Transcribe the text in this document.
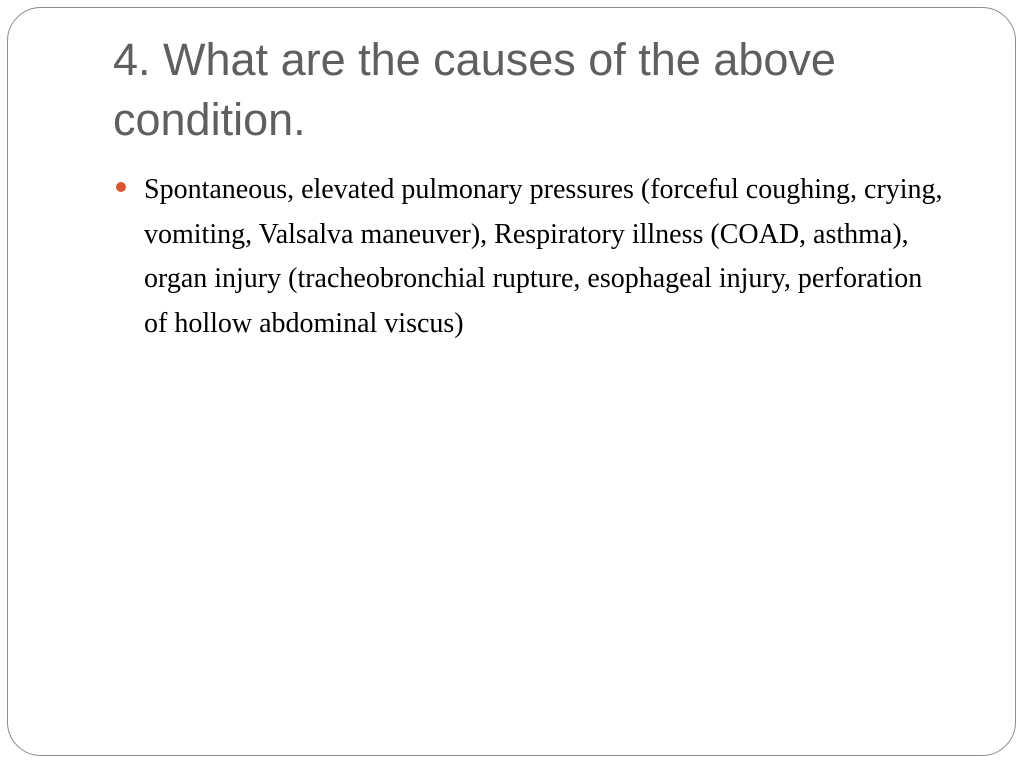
4. What are the causes of the above condition.
Spontaneous, elevated pulmonary pressures (forceful coughing, crying, vomiting, Valsalva maneuver), Respiratory illness (COAD, asthma), organ injury (tracheobronchial rupture, esophageal injury, perforation of hollow abdominal viscus)
